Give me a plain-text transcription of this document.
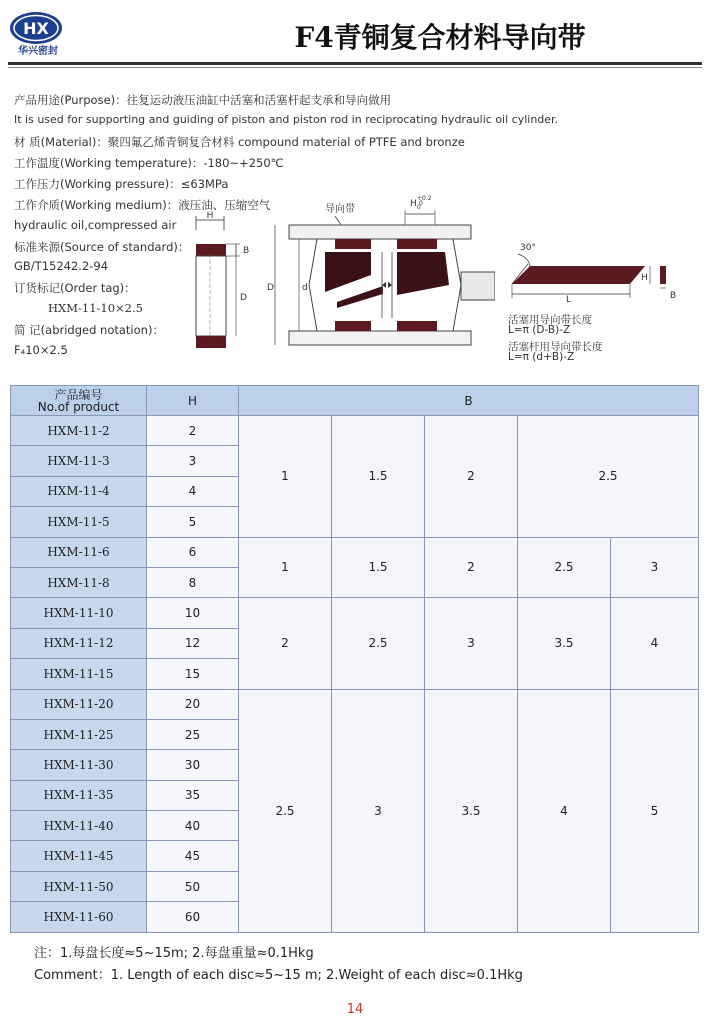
HX
华兴密封	F4青铜复合材料导向带
产品用途(Purpose)：往复运动液压油缸中活塞和活塞杆起支承和导向做用
It is used for supporting and guiding of piston and piston rod in reciprocating hydraulic oil cylinder.
材 质(Material)：聚四氟乙烯青铜复合材料 compound material of PTFE and bronze
工作温度(Working temperature)：-180~+250℃
工作压力(Working pressure)：≤63MPa
工作介质(Working medium)：液压油、压缩空气
hydraulic oil,compressed air
标准来源(Source of standard)：
GB/T15242.2-94
订货标记(Order tag)：
HXM-11-10×2.5
简 记(abridged notation)：
F₄10×2.5
H
B
D
导向带	H 0
+0.2
0
D	d
30°
L
H
B
活塞用导向带长度
L=π (D-B)-Z
活塞杆用导向带长度
L=π (d+B)-Z
产品编号
No.of product	H	B				
HXM-11-2	2	1	1.5	2	2.5	
HXM-11-3	3					
HXM-11-4	4					
HXM-11-5	5					
HXM-11-6	6	1	1.5	2	2.5	3
HXM-11-8	8					
HXM-11-10	10	2	2.5	3	3.5	4
HXM-11-12	12					
HXM-11-15	15					
HXM-11-20	20	2.5	3	3.5	4	5
HXM-11-25	25					
HXM-11-30	30					
HXM-11-35	35					
HXM-11-40	40					
HXM-11-45	45					
HXM-11-50	50					
HXM-11-60	60					
注：1.每盘长度≈5~15m; 2.每盘重量≈0.1Hkg
Comment：1. Length of each disc≈5~15 m; 2.Weight of each disc≈0.1Hkg
14
